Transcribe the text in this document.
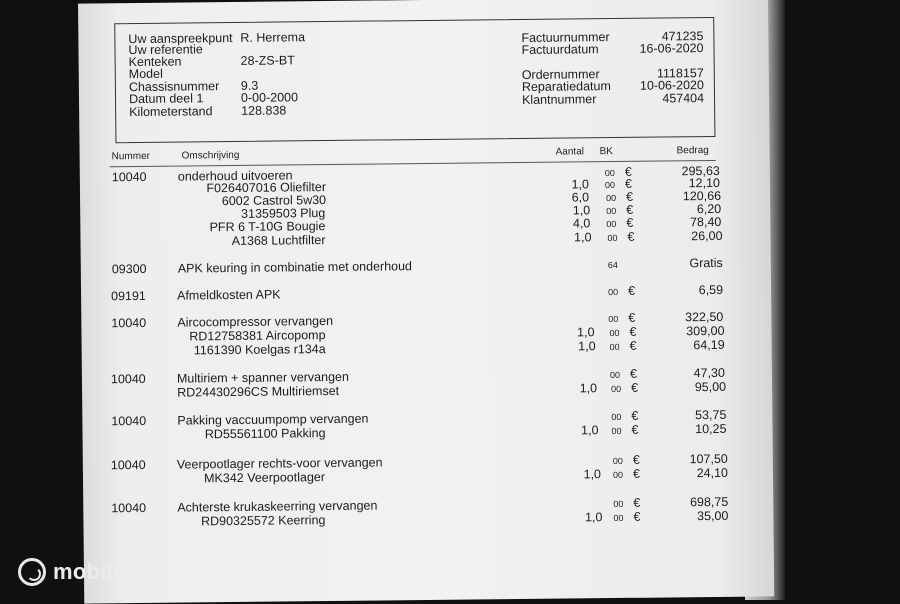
Uw aanspreekpunt R. Herrema
Uw referentie
Kenteken	28-ZS-BT
Model
Chassisnummer 9.3
Datum deel 1	0-00-2000
Kilometerstand 128.838
Factuurnummer	471235
Factuurdatum	16-06-2020
Ordernummer	1118157
Reparatiedatum	10-06-2020
Klantnummer	457404
Nummer	Omschrijving	Aantal BK	Bedrag
10040 onderhoud uitvoeren	00 €	295,63
F026407016 Oliefilter	1,0 00 €	12,10
6002 Castrol 5w30	6,0 00 €	120,66
31359503 Plug	1,0 00 €	6,20
PFR 6 T-10G Bougie	4,0 00 €	78,40
A1368 Luchtfilter	1,0 00 €	26,00
09300 APK keuring in combinatie met onderhoud	64	Gratis
09191 Afmeldkosten APK	00 €	6,59
10040 Aircocompressor vervangen	00 €	322,50
RD12758381 Aircopomp	1,0 00 €	309,00
1161390 Koelgas r134a	1,0 00 €	64,19
10040 Multiriem + spanner vervangen	00 €	47,30
RD24430296CS Multiriemset	1,0 00 €	95,00
10040 Pakking vaccuumpomp vervangen	00 €	53,75
RD55561100 Pakking	1,0 00 €	10,25
10040 Veerpootlager rechts-voor vervangen	00 €	107,50
MK342 Veerpootlager	1,0 00 €	24,10
10040 Achterste krukaskeerring vervangen	00 €	698,75
RD90325572 Keerring	1,0 00 €	35,00
mobilox
